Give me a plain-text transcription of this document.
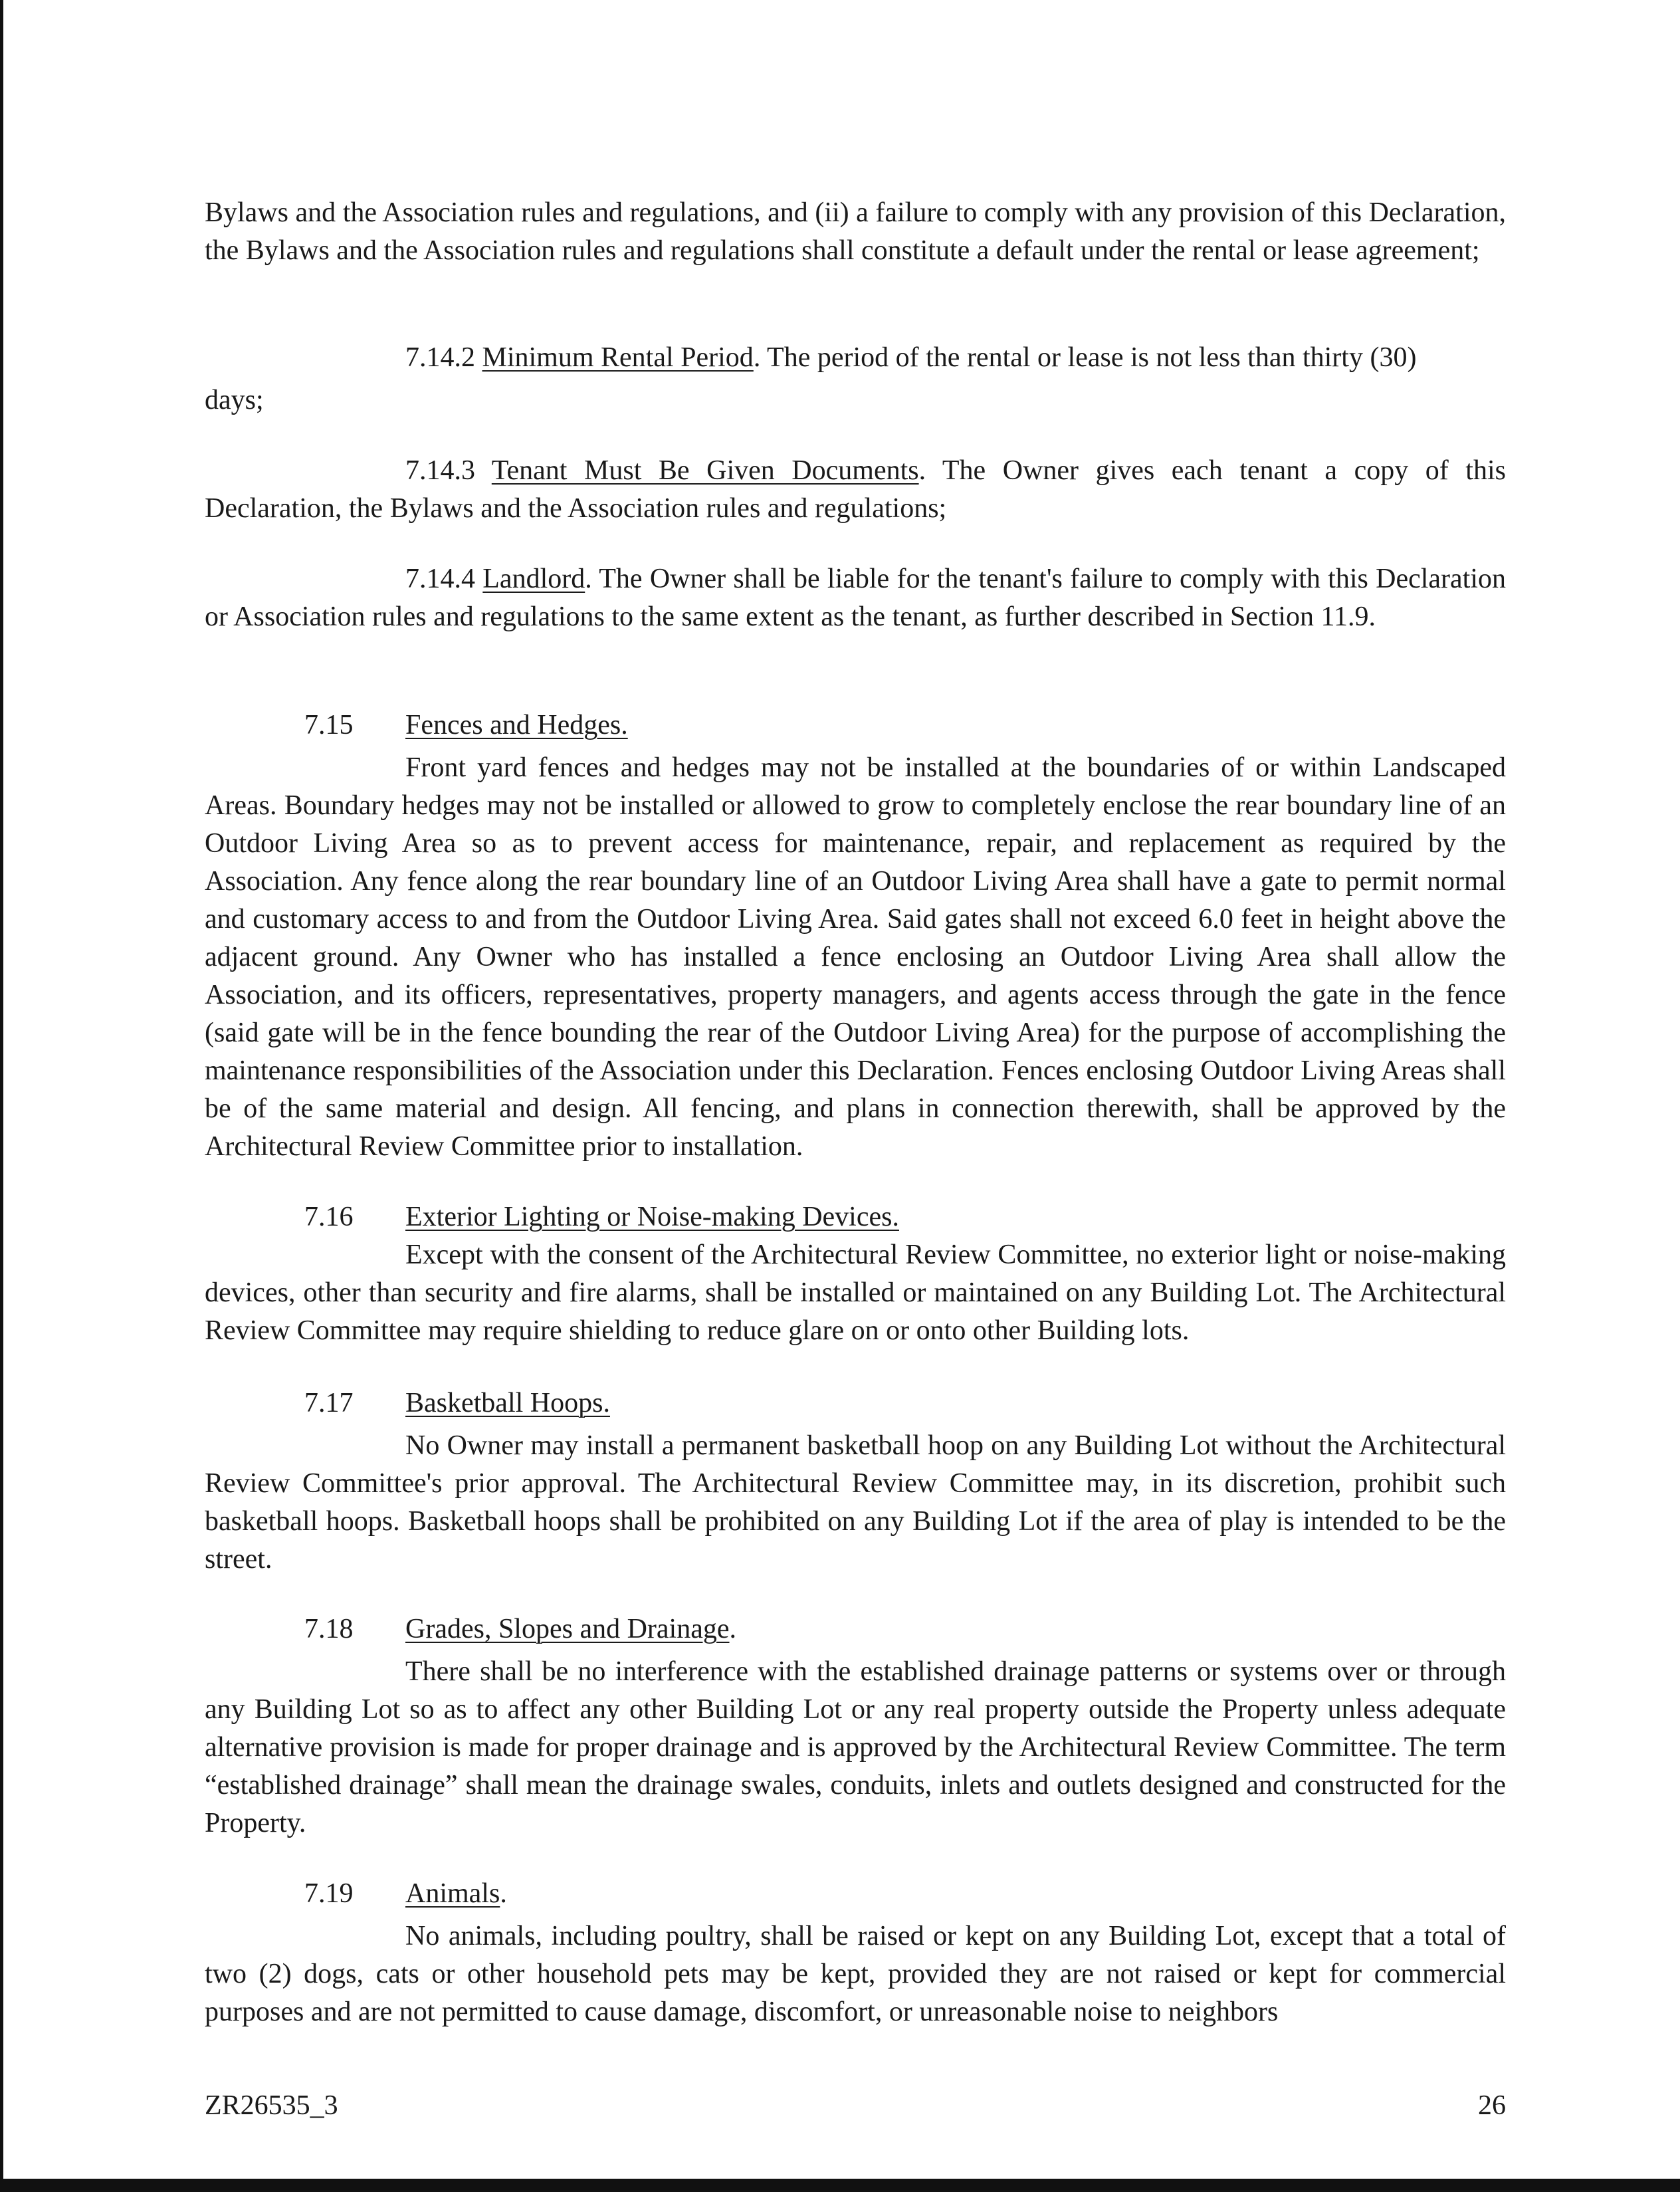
Bylaws and the Association rules and regulations, and (ii) a failure to comply with any provision of this Declaration, the Bylaws and the Association rules and regulations shall constitute a default under the rental or lease agreement;

7.14.2 Minimum Rental Period. The period of the rental or lease is not less than thirty (30)

days;

7.14.3 Tenant Must Be Given Documents. The Owner gives each tenant a copy of this Declaration, the Bylaws and the Association rules and regulations;

7.14.4 Landlord. The Owner shall be liable for the tenant's failure to comply with this Declaration or Association rules and regulations to the same extent as the tenant, as further described in Section 11.9.

7.15 Fences and Hedges.

Front yard fences and hedges may not be installed at the boundaries of or within Landscaped Areas. Boundary hedges may not be installed or allowed to grow to completely enclose the rear boundary line of an Outdoor Living Area so as to prevent access for maintenance, repair, and replacement as required by the Association. Any fence along the rear boundary line of an Outdoor Living Area shall have a gate to permit normal and customary access to and from the Outdoor Living Area. Said gates shall not exceed 6.0 feet in height above the adjacent ground. Any Owner who has installed a fence enclosing an Outdoor Living Area shall allow the Association, and its officers, representatives, property managers, and agents access through the gate in the fence (said gate will be in the fence bounding the rear of the Outdoor Living Area) for the purpose of accomplishing the maintenance responsibilities of the Association under this Declaration. Fences enclosing Outdoor Living Areas shall be of the same material and design. All fencing, and plans in connection therewith, shall be approved by the Architectural Review Committee prior to installation.

7.16 Exterior Lighting or Noise-making Devices.

Except with the consent of the Architectural Review Committee, no exterior light or noise-making devices, other than security and fire alarms, shall be installed or maintained on any Building Lot. The Architectural Review Committee may require shielding to reduce glare on or onto other Building lots.

7.17 Basketball Hoops.

No Owner may install a permanent basketball hoop on any Building Lot without the Architectural Review Committee's prior approval. The Architectural Review Committee may, in its discretion, prohibit such basketball hoops. Basketball hoops shall be prohibited on any Building Lot if the area of play is intended to be the street.

7.18 Grades, Slopes and Drainage.

There shall be no interference with the established drainage patterns or systems over or through any Building Lot so as to affect any other Building Lot or any real property outside the Property unless adequate alternative provision is made for proper drainage and is approved by the Architectural Review Committee. The term “established drainage” shall mean the drainage swales, conduits, inlets and outlets designed and constructed for the Property.

7.19 Animals.

No animals, including poultry, shall be raised or kept on any Building Lot, except that a total of two (2) dogs, cats or other household pets may be kept, provided they are not raised or kept for commercial purposes and are not permitted to cause damage, discomfort, or unreasonable noise to neighbors

ZR26535_3	26
